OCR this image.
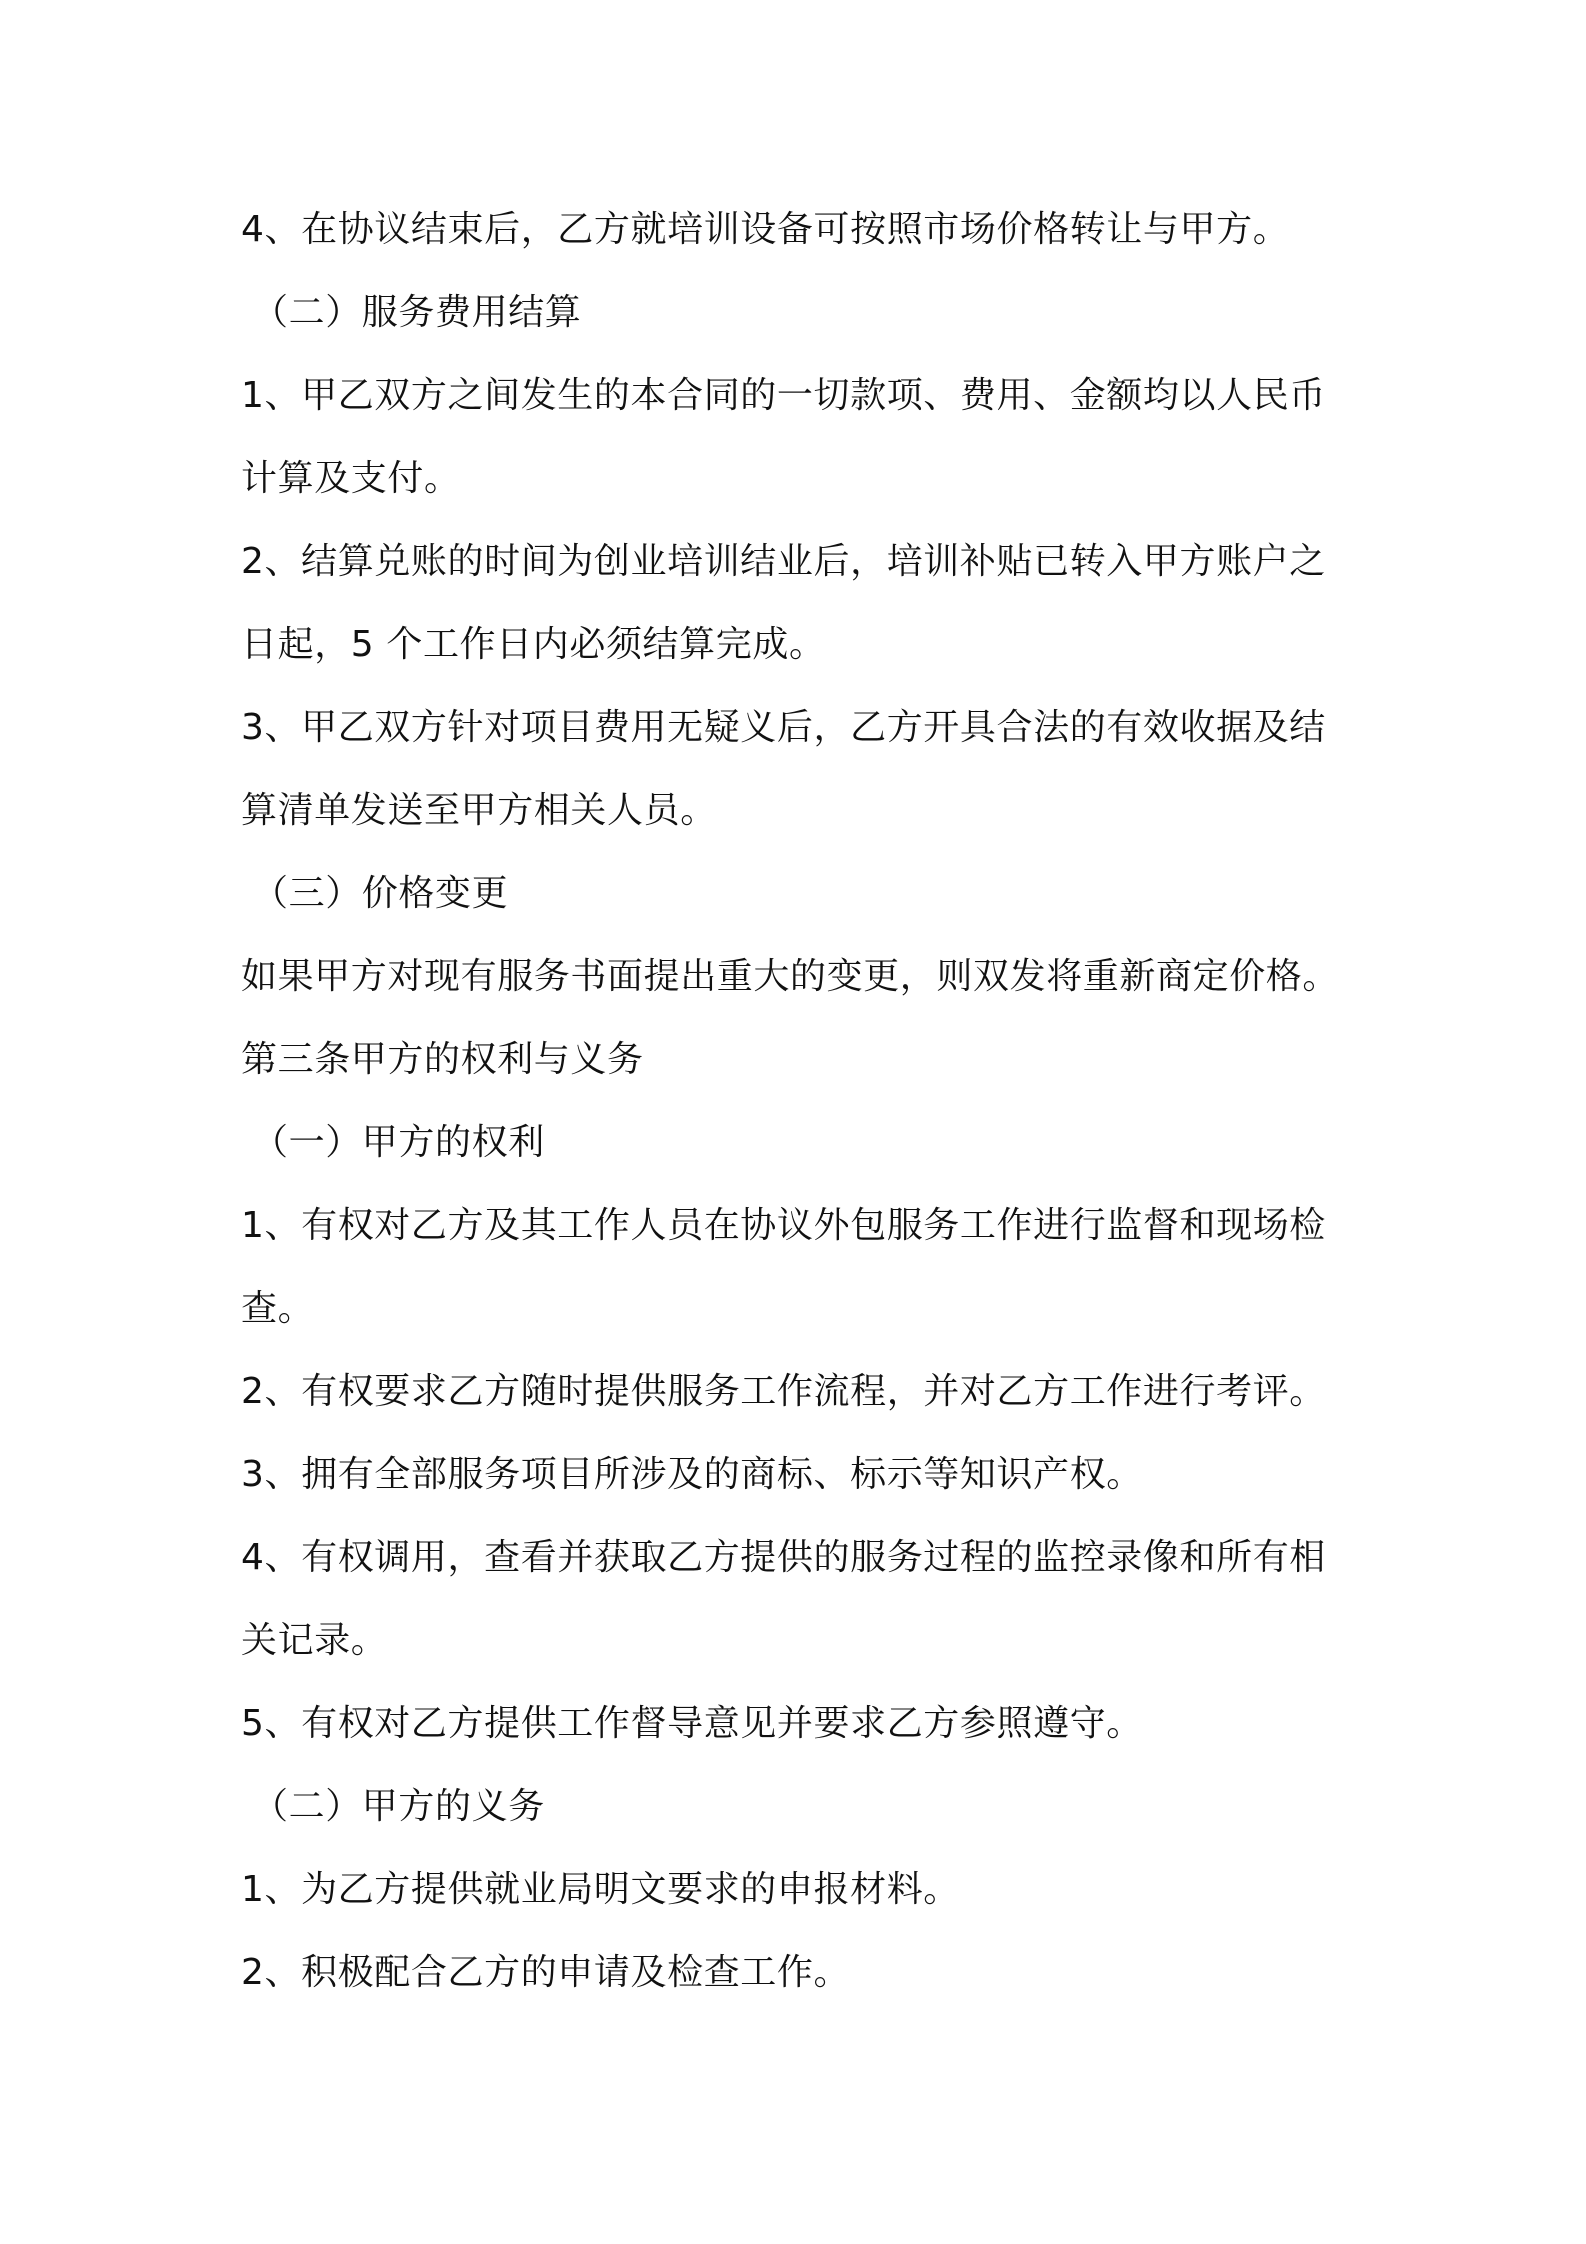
4、在协议结束后，乙方就培训设备可按照市场价格转让与甲方。
（二）服务费用结算
1、甲乙双方之间发生的本合同的一切款项、费用、金额均以人民币
计算及支付。
2、结算兑账的时间为创业培训结业后，培训补贴已转入甲方账户之
日起，5 个工作日内必须结算完成。
3、甲乙双方针对项目费用无疑义后，乙方开具合法的有效收据及结
算清单发送至甲方相关人员。
（三）价格变更
如果甲方对现有服务书面提出重大的变更，则双发将重新商定价格。
第三条甲方的权利与义务
（一）甲方的权利
1、有权对乙方及其工作人员在协议外包服务工作进行监督和现场检
查。
2、有权要求乙方随时提供服务工作流程，并对乙方工作进行考评。
3、拥有全部服务项目所涉及的商标、标示等知识产权。
4、有权调用，查看并获取乙方提供的服务过程的监控录像和所有相
关记录。
5、有权对乙方提供工作督导意见并要求乙方参照遵守。
（二）甲方的义务
1、为乙方提供就业局明文要求的申报材料。
2、积极配合乙方的申请及检查工作。
